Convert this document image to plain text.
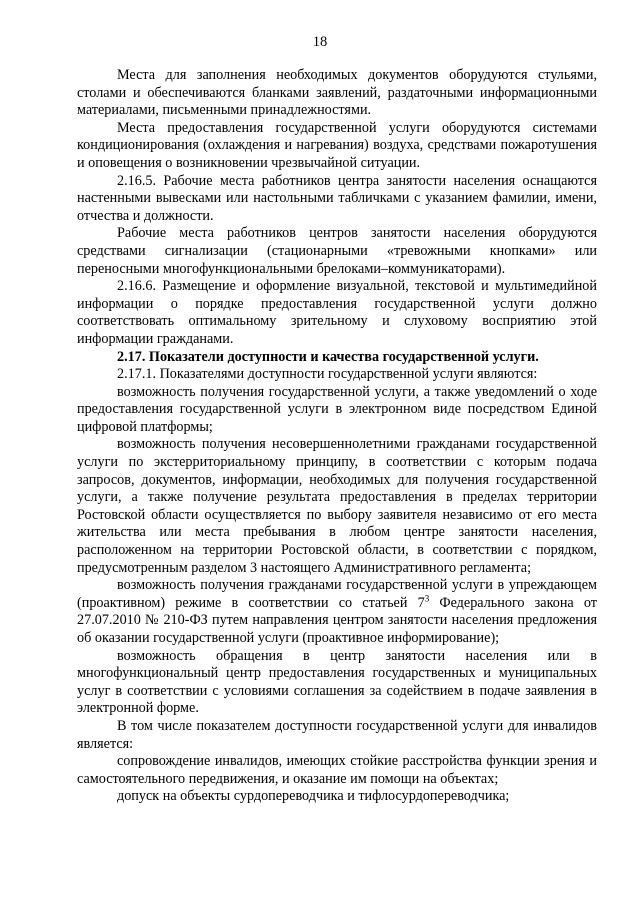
18

Места для заполнения необходимых документов оборудуются стульями, столами и обеспечиваются бланками заявлений, раздаточными информационными материалами, письменными принадлежностями.

Места предоставления государственной услуги оборудуются системами кондиционирования (охлаждения и нагревания) воздуха, средствами пожаротушения и оповещения о возникновении чрезвычайной ситуации.

2.16.5. Рабочие места работников центра занятости населения оснащаются настенными вывесками или настольными табличками с указанием фамилии, имени, отчества и должности.

Рабочие места работников центров занятости населения оборудуются средствами сигнализации (стационарными «тревожными кнопками» или переносными многофункциональными брелоками–коммуникаторами).

2.16.6. Размещение и оформление визуальной, текстовой и мультимедийной информации о порядке предоставления государственной услуги должно соответствовать оптимальному зрительному и слуховому восприятию этой информации гражданами.

2.17. Показатели доступности и качества государственной услуги.

2.17.1. Показателями доступности государственной услуги являются:

возможность получения государственной услуги, а также уведомлений о ходе предоставления государственной услуги в электронном виде посредством Единой цифровой платформы;

возможность получения несовершеннолетними гражданами государственной услуги по экстерриториальному принципу, в соответствии с которым подача запросов, документов, информации, необходимых для получения государственной услуги, а также получение результата предоставления в пределах территории Ростовской области осуществляется по выбору заявителя независимо от его места жительства или места пребывания в любом центре занятости населения, расположенном на территории Ростовской области, в соответствии с порядком, предусмотренным разделом 3 настоящего Административного регламента;

возможность получения гражданами государственной услуги в упреждающем (проактивном) режиме в соответствии со статьей $7^3$ Федерального закона от 27.07.2010 № 210-ФЗ путем направления центром занятости населения предложения об оказании государственной услуги (проактивное информирование);

возможность обращения в центр занятости населения или в многофункциональный центр предоставления государственных и муниципальных услуг в соответствии с условиями соглашения за содействием в подаче заявления в электронной форме.

В том числе показателем доступности государственной услуги для инвалидов является:

сопровождение инвалидов, имеющих стойкие расстройства функции зрения и самостоятельного передвижения, и оказание им помощи на объектах;

допуск на объекты сурдопереводчика и тифлосурдопереводчика;
